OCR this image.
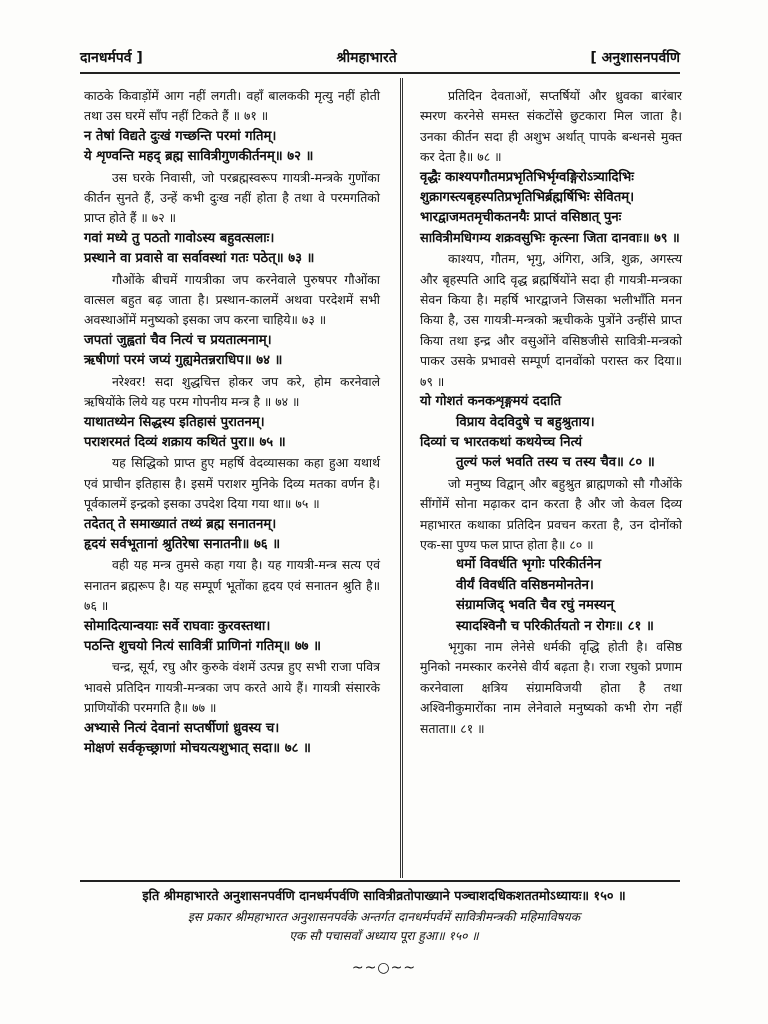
दानधर्मपर्व ]	श्रीमहाभारते	[ अनुशासनपर्वणि

काठके किवाड़ोंमें आग नहीं लगती। वहाँ बालककी मृत्यु नहीं होती तथा उस घरमें साँप नहीं टिकते हैं ॥ ७१ ॥

न तेषां विद्यते दुःखं गच्छन्ति परमां गतिम्।
ये शृण्वन्ति महद् ब्रह्म सावित्रीगुणकीर्तनम्॥ ७२ ॥

उस घरके निवासी, जो परब्रह्मस्वरूप गायत्री-मन्त्रके गुणोंका कीर्तन सुनते हैं, उन्हें कभी दुःख नहीं होता है तथा वे परमगतिको प्राप्त होते हैं ॥ ७२ ॥

गवां मध्ये तु पठतो गावोऽस्य बहुवत्सलाः।
प्रस्थाने वा प्रवासे वा सर्वावस्थां गतः पठेत्॥ ७३ ॥

गौओंके बीचमें गायत्रीका जप करनेवाले पुरुषपर गौओंका वात्सल बहुत बढ़ जाता है। प्रस्थान-कालमें अथवा परदेशमें सभी अवस्थाओंमें मनुष्यको इसका जप करना चाहिये॥ ७३ ॥

जपतां जुह्वतां चैव नित्यं च प्रयतात्मनाम्।
ऋषीणां परमं जप्यं गुह्यमेतन्नराधिप॥ ७४ ॥

नरेश्वर! सदा शुद्धचित्त होकर जप करे, होम करनेवाले ऋषियोंके लिये यह परम गोपनीय मन्त्र है ॥ ७४ ॥

याथातथ्येन सिद्धस्य इतिहासं पुरातनम्।
पराशरमतं दिव्यं शक्राय कथितं पुरा॥ ७५ ॥

यह सिद्धिको प्राप्त हुए महर्षि वेदव्यासका कहा हुआ यथार्थ एवं प्राचीन इतिहास है। इसमें पराशर मुनिके दिव्य मतका वर्णन है। पूर्वकालमें इन्द्रको इसका उपदेश दिया गया था॥ ७५ ॥

तदेतत् ते समाख्यातं तथ्यं ब्रह्म सनातनम्।
हृदयं सर्वभूतानां श्रुतिरेषा सनातनी॥ ७६ ॥

वही यह मन्त्र तुमसे कहा गया है। यह गायत्री-मन्त्र सत्य एवं सनातन ब्रह्मरूप है। यह सम्पूर्ण भूतोंका हृदय एवं सनातन श्रुति है॥ ७६ ॥

सोमादित्यान्वयाः सर्वे राघवाः कुरवस्तथा।
पठन्ति शुचयो नित्यं सावित्रीं प्राणिनां गतिम्॥ ७७ ॥

चन्द्र, सूर्य, रघु और कुरुके वंशमें उत्पन्न हुए सभी राजा पवित्र भावसे प्रतिदिन गायत्री-मन्त्रका जप करते आये हैं। गायत्री संसारके प्राणियोंकी परमगति है॥ ७७ ॥

अभ्यासे नित्यं देवानां सप्तर्षीणां ध्रुवस्य च।
मोक्षणं सर्वकृच्छ्राणां मोचयत्यशुभात् सदा॥ ७८ ॥

प्रतिदिन देवताओं, सप्तर्षियों और ध्रुवका बारंबार स्मरण करनेसे समस्त संकटोंसे छुटकारा मिल जाता है। उनका कीर्तन सदा ही अशुभ अर्थात् पापके बन्धनसे मुक्त कर देता है॥ ७८ ॥

वृद्धैः काश्यपगौतमप्रभृतिभिर्भृग्वङ्गिरोऽत्र्यादिभिः
शुक्रागस्त्यबृहस्पतिप्रभृतिभिर्ब्रह्मर्षिभिः सेवितम्।
भारद्वाजमतमृचीकतनयैः प्राप्तं वसिष्ठात् पुनः
सावित्रीमधिगम्य शक्रवसुभिः कृत्स्ना जिता दानवाः॥ ७९ ॥

काश्यप, गौतम, भृगु, अंगिरा, अत्रि, शुक्र, अगस्त्य और बृहस्पति आदि वृद्ध ब्रह्मर्षियोंने सदा ही गायत्री-मन्त्रका सेवन किया है। महर्षि भारद्वाजने जिसका भलीभाँति मनन किया है, उस गायत्री-मन्त्रको ऋचीकके पुत्रोंने उन्हींसे प्राप्त किया तथा इन्द्र और वसुओंने वसिष्ठजीसे सावित्री-मन्त्रको पाकर उसके प्रभावसे सम्पूर्ण दानवोंको परास्त कर दिया॥ ७९ ॥

यो गोशतं कनकशृङ्गमयं ददाति
विप्राय वेदविदुषे च बहुश्रुताय।
दिव्यां च भारतकथां कथयेच्च नित्यं
तुल्यं फलं भवति तस्य च तस्य चैव॥ ८० ॥

जो मनुष्य विद्वान् और बहुश्रुत ब्राह्मणको सौ गौओंके सींगोंमें सोना मढ़ाकर दान करता है और जो केवल दिव्य महाभारत कथाका प्रतिदिन प्रवचन करता है, उन दोनोंको एक-सा पुण्य फल प्राप्त होता है॥ ८० ॥

धर्मो विवर्धति भृगोः परिकीर्तनेन
वीर्यं विवर्धति वसिष्ठनमोनतेन।
संग्रामजिद् भवति चैव रघुं नमस्यन्
स्यादश्विनौ च परिकीर्तयतो न रोगः॥ ८१ ॥

भृगुका नाम लेनेसे धर्मकी वृद्धि होती है। वसिष्ठ मुनिको नमस्कार करनेसे वीर्य बढ़ता है। राजा रघुको प्रणाम करनेवाला क्षत्रिय संग्रामविजयी होता है तथा अश्विनीकुमारोंका नाम लेनेवाले मनुष्यको कभी रोग नहीं सताता॥ ८१ ॥

इति श्रीमहाभारते अनुशासनपर्वणि दानधर्मपर्वणि सावित्रीव्रतोपाख्याने पञ्चाशदधिकशततमोऽध्यायः॥ १५० ॥
इस प्रकार श्रीमहाभारत अनुशासनपर्वके अन्तर्गत दानधर्मपर्वमें सावित्रीमन्त्रकी महिमाविषयक
एक सौ पचासवाँ अध्याय पूरा हुआ॥ १५० ॥
~~○~~
